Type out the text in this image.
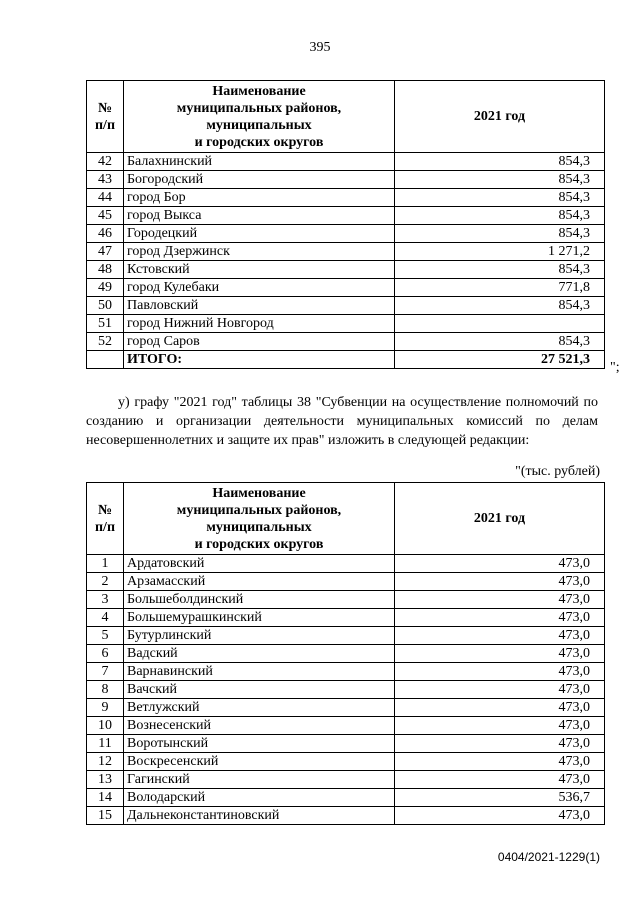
395
№
п/п	Наименование
муниципальных районов,
муниципальных
и городских округов	2021 год
42	Балахнинский	854,3
43	Богородский	854,3
44	город Бор	854,3
45	город Выкса	854,3
46	Городецкий	854,3
47	город Дзержинск	1 271,2
48	Кстовский	854,3
49	город Кулебаки	771,8
50	Павловский	854,3
51	город Нижний Новгород	
52	город Саров	854,3
	ИТОГО:	27 521,3
";
у) графу "2021 год" таблицы 38 "Субвенции на осуществление полномочий по созданию и организации деятельности муниципальных комиссий по делам несовершеннолетних и защите их прав" изложить в следующей редакции:
"(тыс. рублей)
№
п/п	Наименование
муниципальных районов,
муниципальных
и городских округов	2021 год
1	Ардатовский	473,0
2	Арзамасский	473,0
3	Большеболдинский	473,0
4	Большемурашкинский	473,0
5	Бутурлинский	473,0
6	Вадский	473,0
7	Варнавинский	473,0
8	Вачский	473,0
9	Ветлужский	473,0
10	Вознесенский	473,0
11	Воротынский	473,0
12	Воскресенский	473,0
13	Гагинский	473,0
14	Володарский	536,7
15	Дальнеконстантиновский	473,0
0404/2021-1229(1)
